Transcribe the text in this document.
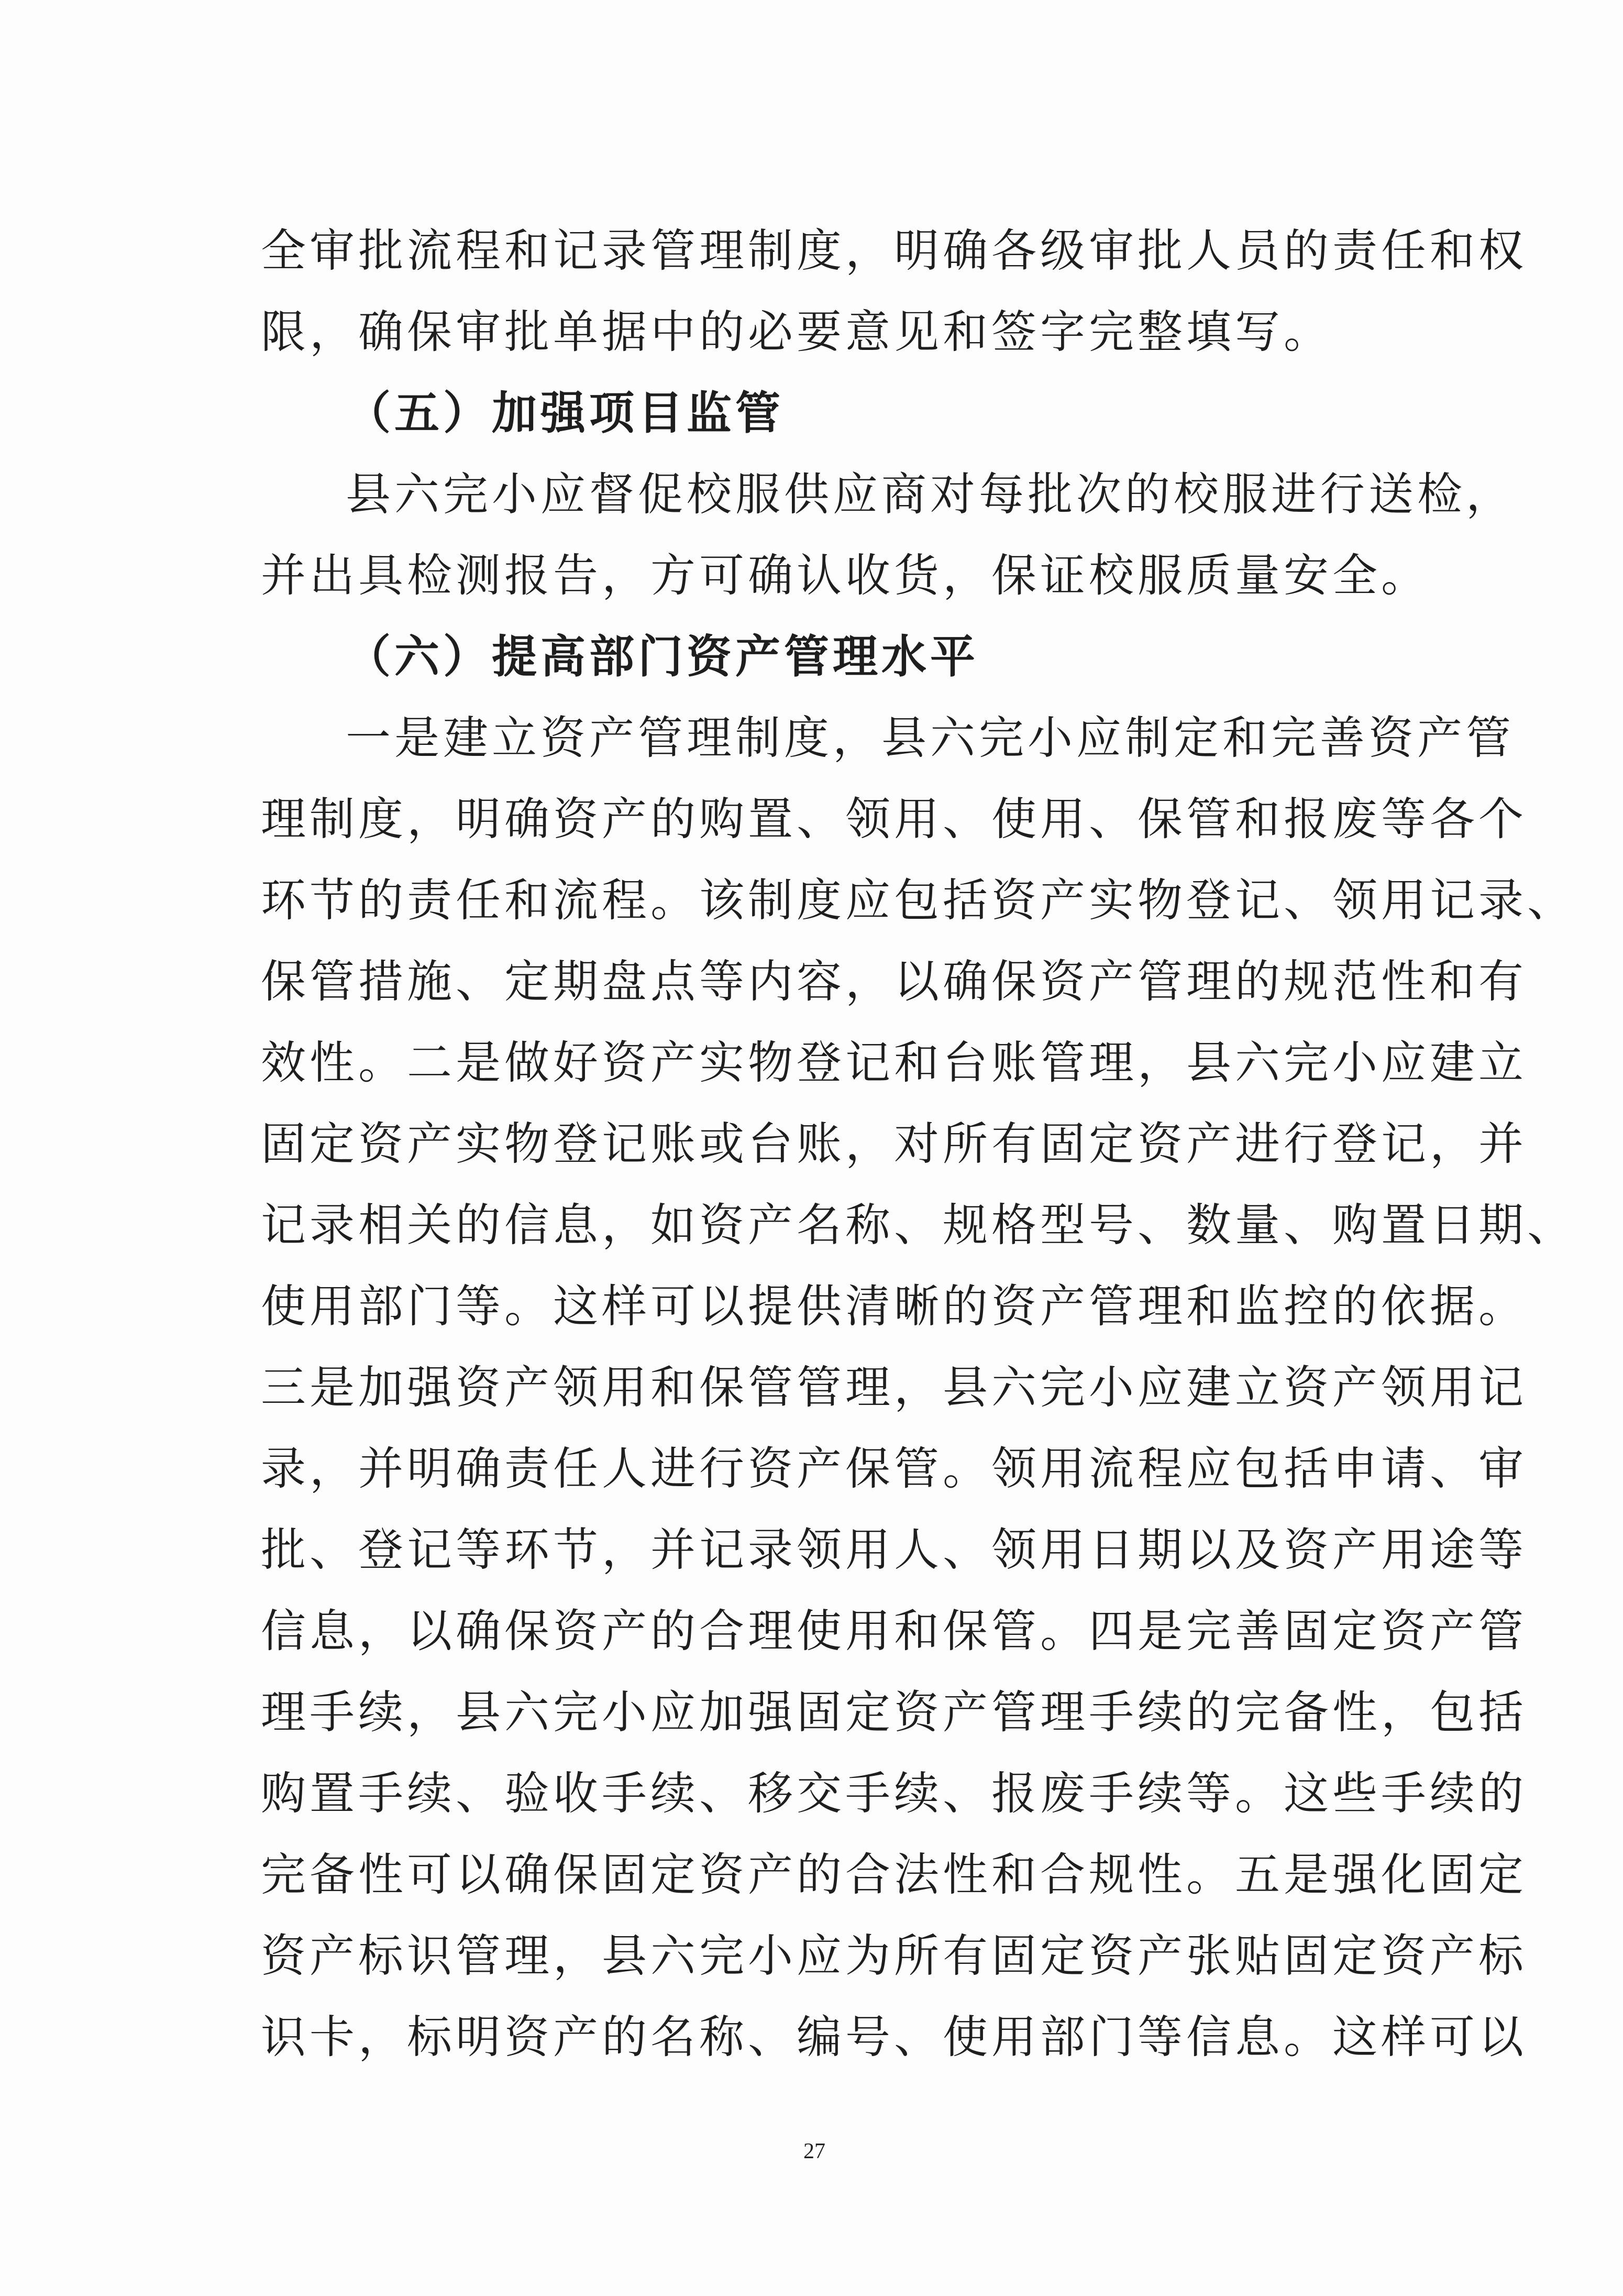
全审批流程和记录管理制度，明确各级审批人员的责任和权
限，确保审批单据中的必要意见和签字完整填写。
（五）加强项目监管
县六完小应督促校服供应商对每批次的校服进行送检，
并出具检测报告，方可确认收货，保证校服质量安全。
（六）提高部门资产管理水平
一是建立资产管理制度，县六完小应制定和完善资产管
理制度，明确资产的购置、领用、使用、保管和报废等各个
环节的责任和流程。该制度应包括资产实物登记、领用记录、
保管措施、定期盘点等内容，以确保资产管理的规范性和有
效性。二是做好资产实物登记和台账管理，县六完小应建立
固定资产实物登记账或台账，对所有固定资产进行登记，并
记录相关的信息，如资产名称、规格型号、数量、购置日期、
使用部门等。这样可以提供清晰的资产管理和监控的依据。
三是加强资产领用和保管管理，县六完小应建立资产领用记
录，并明确责任人进行资产保管。领用流程应包括申请、审
批、登记等环节，并记录领用人、领用日期以及资产用途等
信息，以确保资产的合理使用和保管。四是完善固定资产管
理手续，县六完小应加强固定资产管理手续的完备性，包括
购置手续、验收手续、移交手续、报废手续等。这些手续的
完备性可以确保固定资产的合法性和合规性。五是强化固定
资产标识管理，县六完小应为所有固定资产张贴固定资产标
识卡，标明资产的名称、编号、使用部门等信息。这样可以
27
